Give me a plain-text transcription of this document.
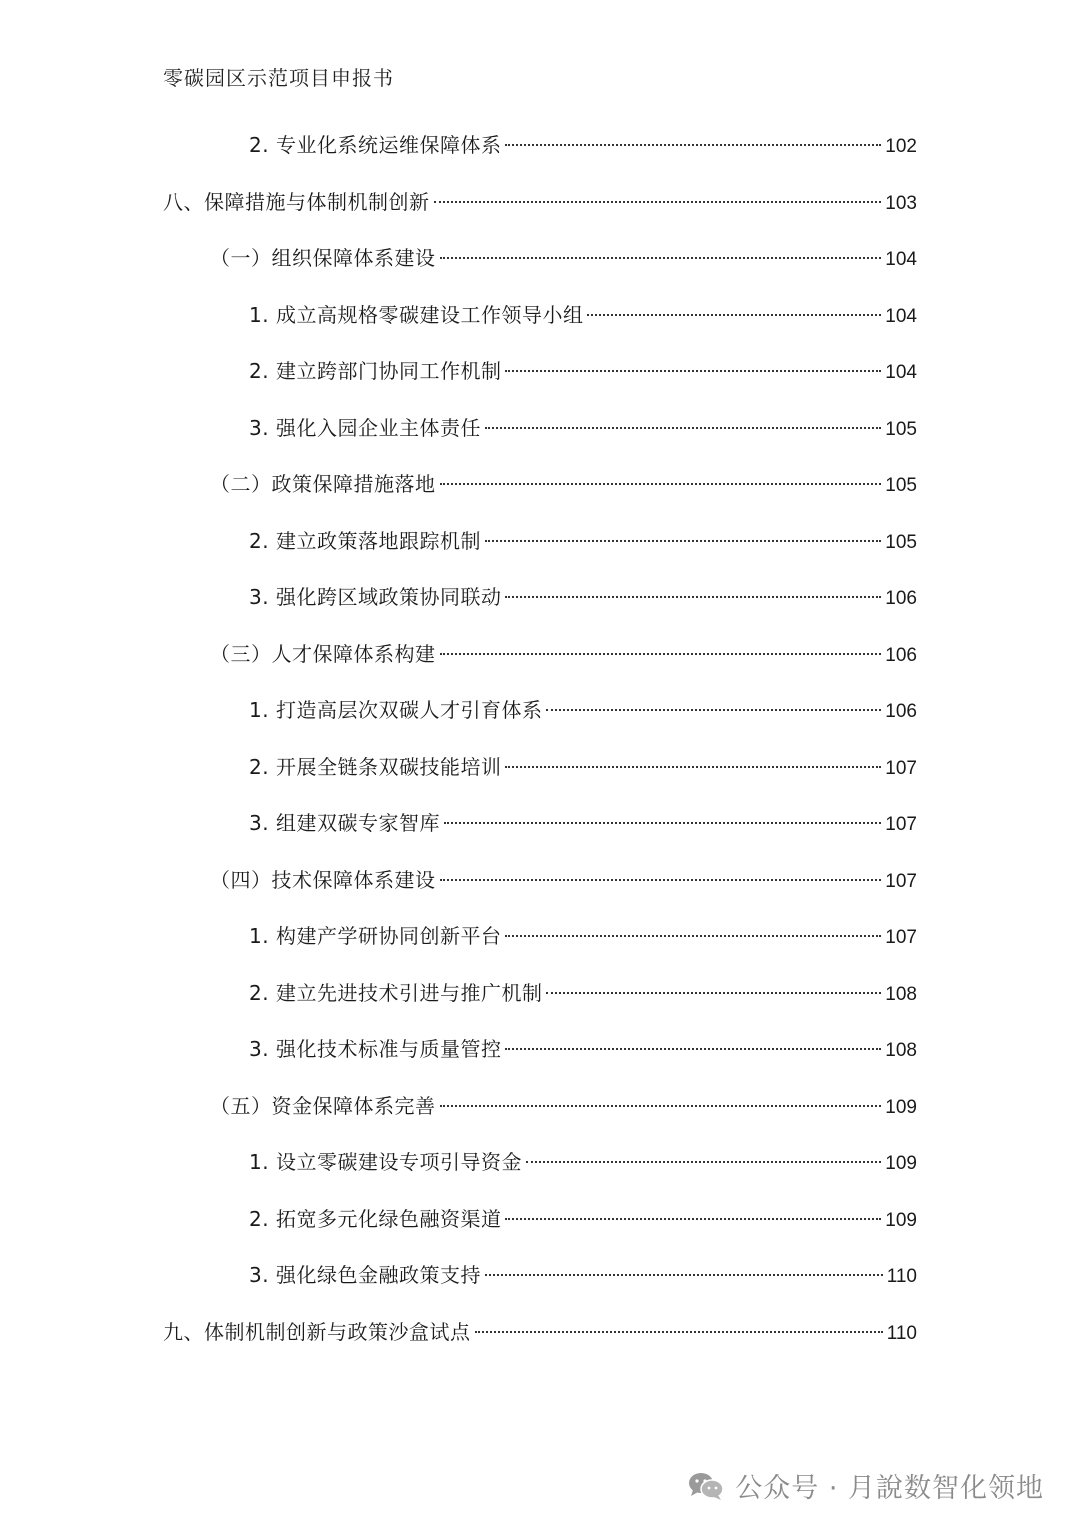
零碳园区示范项目申报书
2. 专业化系统运维保障体系	102
八、保障措施与体制机制创新	103
（一）组织保障体系建设	104
1. 成立高规格零碳建设工作领导小组	104
2. 建立跨部门协同工作机制	104
3. 强化入园企业主体责任	105
（二）政策保障措施落地	105
2. 建立政策落地跟踪机制	105
3. 强化跨区域政策协同联动	106
（三）人才保障体系构建	106
1. 打造高层次双碳人才引育体系	106
2. 开展全链条双碳技能培训	107
3. 组建双碳专家智库	107
（四）技术保障体系建设	107
1. 构建产学研协同创新平台	107
2. 建立先进技术引进与推广机制	108
3. 强化技术标准与质量管控	108
（五）资金保障体系完善	109
1. 设立零碳建设专项引导资金	109
2. 拓宽多元化绿色融资渠道	109
3. 强化绿色金融政策支持	110
九、体制机制创新与政策沙盒试点	110
公众号 · 月說数智化领地
